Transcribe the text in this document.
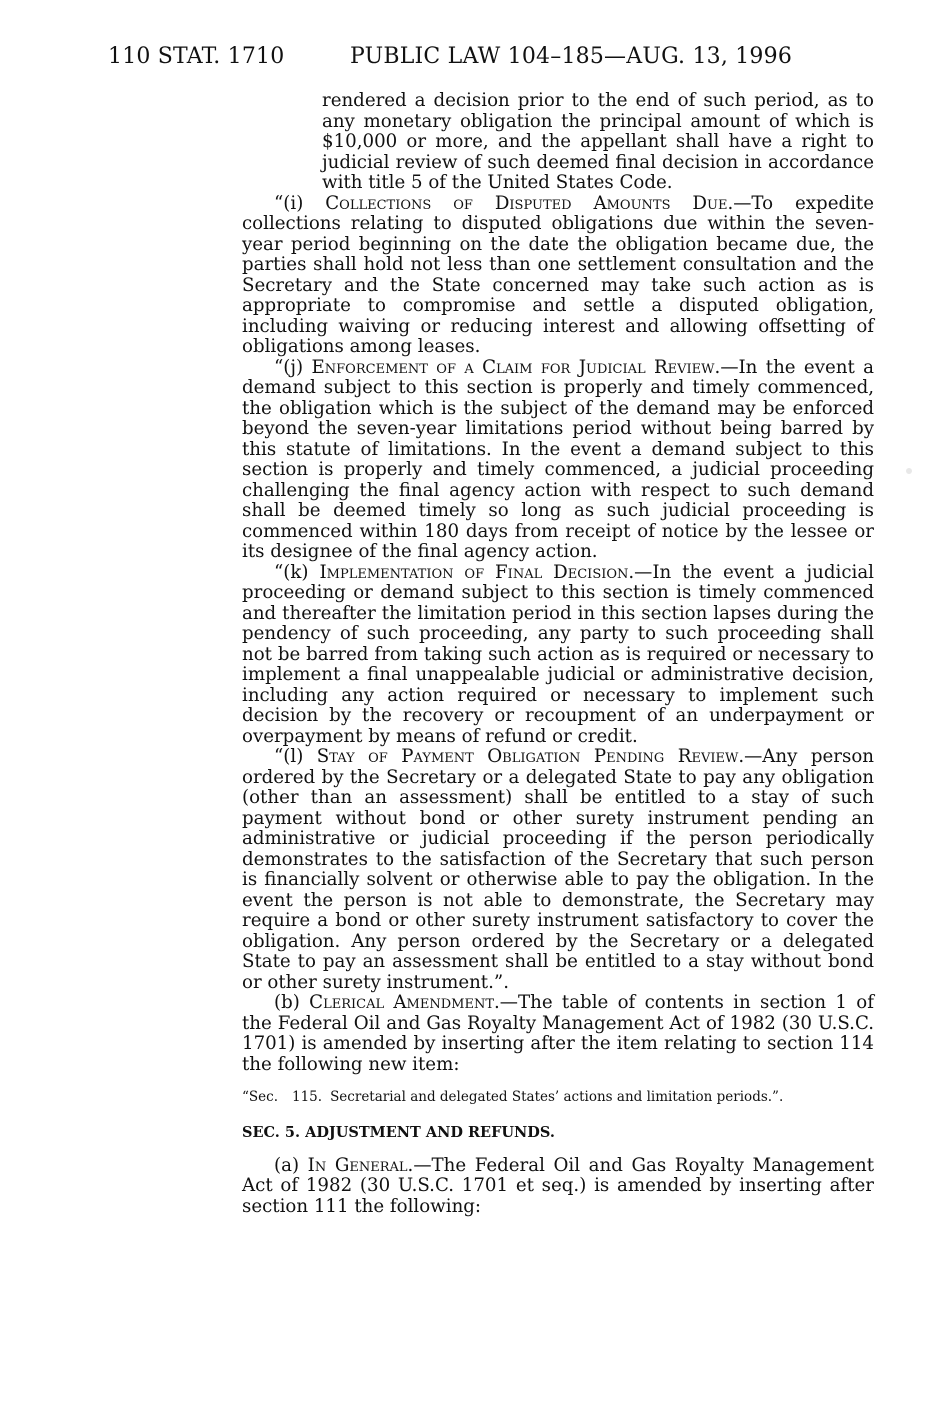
110 STAT. 1710	PUBLIC LAW 104–185—AUG. 13, 1996

rendered a decision prior to the end of such period, as to any monetary obligation the principal amount of which is $10,000 or more, and the appellant shall have a right to judicial review of such deemed final decision in accordance with title 5 of the United States Code.

“(i) Collections of Disputed Amounts Due.—To expedite collections relating to disputed obligations due within the seven-year period beginning on the date the obligation became due, the parties shall hold not less than one settlement consultation and the Secretary and the State concerned may take such action as is appropriate to compromise and settle a disputed obligation, including waiving or reducing interest and allowing offsetting of obligations among leases.

“(j) Enforcement of a Claim for Judicial Review.—In the event a demand subject to this section is properly and timely commenced, the obligation which is the subject of the demand may be enforced beyond the seven-year limitations period without being barred by this statute of limitations. In the event a demand subject to this section is properly and timely commenced, a judicial proceeding challenging the final agency action with respect to such demand shall be deemed timely so long as such judicial proceeding is commenced within 180 days from receipt of notice by the lessee or its designee of the final agency action.

“(k) Implementation of Final Decision.—In the event a judicial proceeding or demand subject to this section is timely commenced and thereafter the limitation period in this section lapses during the pendency of such proceeding, any party to such proceeding shall not be barred from taking such action as is required or necessary to implement a final unappealable judicial or administrative decision, including any action required or necessary to implement such decision by the recovery or recoupment of an underpayment or overpayment by means of refund or credit.

“(l) Stay of Payment Obligation Pending Review.—Any person ordered by the Secretary or a delegated State to pay any obligation (other than an assessment) shall be entitled to a stay of such payment without bond or other surety instrument pending an administrative or judicial proceeding if the person periodically demonstrates to the satisfaction of the Secretary that such person is financially solvent or otherwise able to pay the obligation. In the event the person is not able to demonstrate, the Secretary may require a bond or other surety instrument satisfactory to cover the obligation. Any person ordered by the Secretary or a delegated State to pay an assessment shall be entitled to a stay without bond or other surety instrument.”.

(b) Clerical Amendment.—The table of contents in section 1 of the Federal Oil and Gas Royalty Management Act of 1982 (30 U.S.C. 1701) is amended by inserting after the item relating to section 114 the following new item:

“Sec. 115. Secretarial and delegated States’ actions and limitation periods.”.

SEC. 5. ADJUSTMENT AND REFUNDS.

(a) In General.—The Federal Oil and Gas Royalty Management Act of 1982 (30 U.S.C. 1701 et seq.) is amended by inserting after section 111 the following:
